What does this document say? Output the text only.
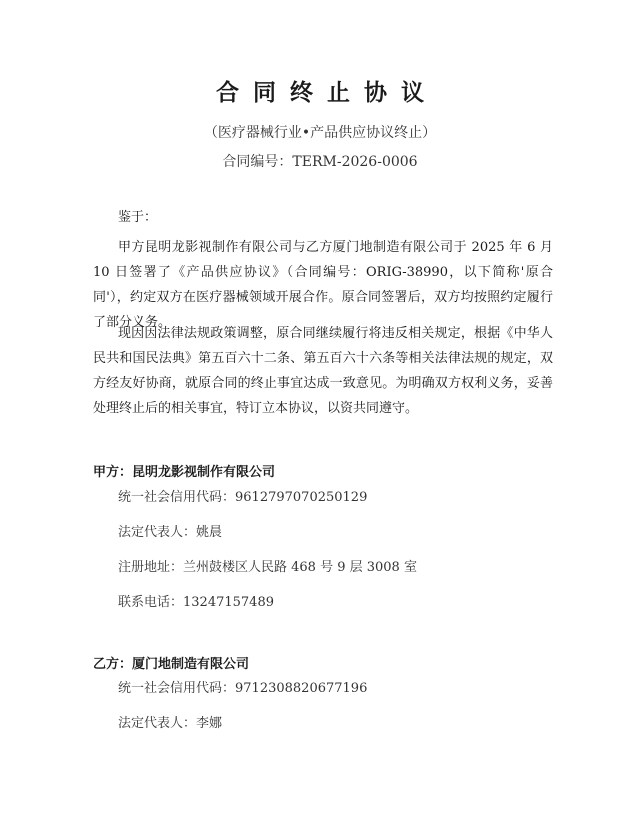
合同终止协议
（医疗器械行业•产品供应协议终止）
合同编号：TERM-2026-0006
鉴于：
甲方昆明龙影视制作有限公司与乙方厦门地制造有限公司于 2025 年 6 月 10 日签署了《产品供应协议》（合同编号：ORIG-38990，以下简称'原合同'），约定双方在医疗器械领域开展合作。原合同签署后，双方均按照约定履行了部分义务。
现因因法律法规政策调整，原合同继续履行将违反相关规定，根据《中华人民共和国民法典》第五百六十二条、第五百六十六条等相关法律法规的规定，双方经友好协商，就原合同的终止事宜达成一致意见。为明确双方权利义务，妥善处理终止后的相关事宜，特订立本协议，以资共同遵守。
甲方：昆明龙影视制作有限公司
统一社会信用代码：9612797070250129
法定代表人：姚晨
注册地址：兰州鼓楼区人民路 468 号 9 层 3008 室
联系电话：13247157489
乙方：厦门地制造有限公司
统一社会信用代码：9712308820677196
法定代表人：李娜
